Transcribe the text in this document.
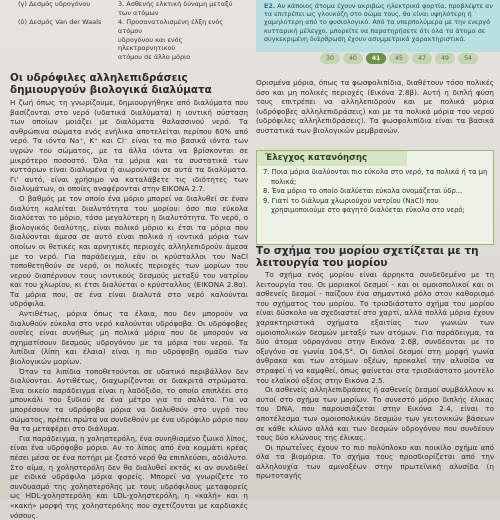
(γ) Δεσμός υδρογόνου	3. Ασθενής ελκτική δύναμη μεταξύ
των ατόμων
(δ) Δεσμός Van der Waals	4. Προσανατολισμένη έλξη ενός ατόμου
υδρογόνου και ενός ηλεκτραρνητικού
ατόμου σε άλλο μόριο
Ε2. Αν κάποιος άτομα έχουν ακριβώς ηλεκτρικά φορτία, προβλέψτε αν τα επιτρέπει ως γλουκόζη στο σώμα τους, θα είναι υψηλότερη ή χαμηλότερη από το φυσιολογικό. Από τα υπερπολύμερα με την ενεργό κυτταρική μέλεγχο, μπορείτε να παρατηρήσετε ότι όλα τα άτομα σε συγκεκριμένη διάρθρωση έχουν ασυμμετρικά χαρακτηριστικά.
30	40	41	45	47	49	54
Οι υδρόφιλες αλληλεπιδράσεις δημιουργούν βιολογικά διαλύματα

Η ζωή όπως τη γνωρίζουμε, δημιουργήθηκε από διαλύματα που βασίζονται στο νερό (υδατικά διαλύματα) η ιοντική σύσταση των οποίων μοιάζει με διαλύματα θαλασσινού νερό. Τα ανθρώπινα σώματα ενός ενήλικα αποτελείται περίπου 60% από νερό. Τα ιόντα Na⁺, K⁺ και Cl⁻ είναι τα πιο βασικά ιόντα των υγρών του σώματος, με τα άλλα ιόντα να βρίσκονται σε μικρότερο ποσοστό. Όλα τα μόρια και τα συστατικά των κυττάρων είναι διαλυμένα ή αιωρούνται σε αυτά τα διαλύματα. Γι' αυτό, είναι χρήσιμο να καταλάβετε τις ιδιότητες των διαλυμάτων, οι οποίες αναφέρονται στην ΕΙΚΟΝΑ 2.7.

Ο βαθμός με τον οποίο ένα μόριο μπορεί να διαλυθεί σε έναν διαλύτη καλείται διαλυτότητα του μορίου: όσο πιο εύκολα διαλύεται το μόριο, τόσο μεγαλύτερη η διαλυτότητα. Το νερό, ο βιολογικός διαλύτης, είναι πολικό μόριο κι έτσι τα μόρια που διαλύονται άμεσα σε αυτό είναι πολικά ή ιοντικά μόρια των οποίων οι θετικές και αρνητικές περιοχές αλληλεπιδρούν άμεσα με το νερό. Για παράδειγμα, εάν οι κρύσταλλοι του NaCl τοποθετηθούν σε νερό, οι πολικές περιοχές των μορίων του νερού διαπέρνουν τους ιοντικούς δεσμούς μεταξύ του νατρίου και του χλωρίου, κι έτσι διαλύεται ο κρύσταλλος (ΕΙΚΟΝΑ 2.8α). Τα μόρια που, σε ένα είναι διαλυτά στο νερό καλούνται υδρόφιλα.

Αντιθέτως, μόρια όπως τα έλαια, που δεν μπορούν να διαλυθούν εύκολα στο νερό καλούνται υδρόφοβα. Οι υδρόφοβες ουσίες είναι συνήθως μη πολικά μόρια που δε μπορούν να σχηματίσουν δεσμούς υδρογόνου με τα μόρια του νερού. Τα λιπίδια (λίπη και έλαια) είναι η πιο υδρόφοβη ομάδα των βιολογικών μορίων.

Όταν τα λιπίδια τοποθετούνται σε υδατικό περιβάλλον δεν διαλύονται. Αντιθέτως, διαχωρίζονται σε διακριτά στρώματα. Ένα οικείο παράδειγμα είναι η λαδόξιδο, το οποίο επιπλέει στο μπουκάλι του ξυδιού σε ένα μέτρο για το σαλάτα. Για να μπορέσουν τα υδρόφοβα μόρια να διαλυθούν στο υγρό του σώματος, πρέπει πρώτα να συνδεθούν με ένα υδρόφιλο μόριο που θα τα μεταφέρει στο διάλυμα.

Για παράδειγμα, η χοληστερόλη, ένα συνηθισμένο ζωικό λίπος, είναι ένα υδρόφοβο μόριο. Αν το λίπος από ένα κομμάτι κρέας πέσει μέσα σε ένα ποτήρι με ζεστό νερό θα επιπλεύσει, αδιάλυτο. Στο αίμα, η χοληστερόλη δεν θα διαλυθεί εκτός κι αν συνδεθεί με ειδικά υδρόφιλα μόρια φορείς. Μπορεί να γνωρίζετε το συνδυασμό της χοληστερόλης με τους υδρόφιλους μεταφορείς ως HDL-χοληστερόλη και LDL-χοληστερόλη, η «καλή» και η «κακή» μορφή της χοληστερόλης που σχετίζονται με καρδιακές νόσους.

Ορισμένα μόρια, όπως τα φωσφολιπίδια, διαθέτουν τόσο πολικές όσο και μη πολικές περιοχές (Εικόνα 2.8β). Αυτή η διπλή φύση τους επιτρέπει να αλληλεπιδρούν και με πολικά μόρια (υδρόφοβες αλληλεπιδράσεις) και με τα πολικά μόρια του νερού (υδρόφιλες αλληλεπιδράσεις). Τα φωσφολιπίδια είναι τα βασικά συστατικά των βιολογικών μεμβρανών.

Έλεγχος κατανόησης
7. Ποια μόρια διαλύονται πιο εύκολα στο νερό, τα πολικά ή τα μη πολικά;
8. Ένα μόριο το οποίο διαλύεται εύκολα ονομάζεται ύδρ...
9. Γιατί το διάλυμα χλωριούχου νατρίου (NaCl) που χρησιμοποιούμε στο φαγητό διαλύεται εύκολα στο νερό;
Το σχήμα του μορίου σχετίζεται με τη λειτουργία του μορίου

Το σχήμα ενός μορίου είναι άρρηκτα συνδεδεμένο με τη λειτουργία του. Οι μοριακοί δεσμοί - και οι ομοιοπολικοί και οι ασθενείς δεσμοί - παίζουν ένα σημαντικό ρόλο στον καθορισμό του σχήματος του μορίου. Το τρισδιάστατο σχήμα του μορίου είναι δύσκολο να σχεδιαστεί στο χαρτί, αλλά πολλά μόρια έχουν χαρακτηριστικά σχήματα εξαιτίας των γωνιών των ομοιοπολικών δεσμών μεταξύ των ατόμων. Για παράδειγμα, τα δύο άτομα υδρογόνου στην Εικόνα 2.6β, συνδέονται με το οξυγόνο σε γωνία 104,5°. Οι διπλοί δεσμοί στη μορφή γωνία άνθρακα και των ατόμων οξέων, προκαλεί την αλυσίδα να στραφεί ή να καμφθεί, όπως φαίνεται στα τρισδιάστατο μοντέλο του ελαϊκού οξέος στην Εικόνα 2.5.

Οι ασθενείς αλληλεπιδράσεις ή ασθενείς δεσμοί συμβάλλουν κι αυτοί στο σχήμα των μορίων. Το συνεστό μόριο διπλής έλικας του DNA, που παρουσιάζεται στην Εικόνα 2.4, είναι το αποτέλεσμα των ομοιοπολικών δεσμών των γειτονικών βάσεων σε κάθε κλώνο αλλά και των δεσμών υδρογόνου που συνδέουν τους δύο κλώνους της έλικας.

Οι πρωτεΐνες έχουν το πιο πολύπλοκο και ποικίλο σχήμα από όλα τα βιομόρια. Το σχήμα τους προσδιορίζεται από την αλληλουχία των αμινοξέων στην πρωτεϊνική αλυσίδα (η πρωτοταγής
